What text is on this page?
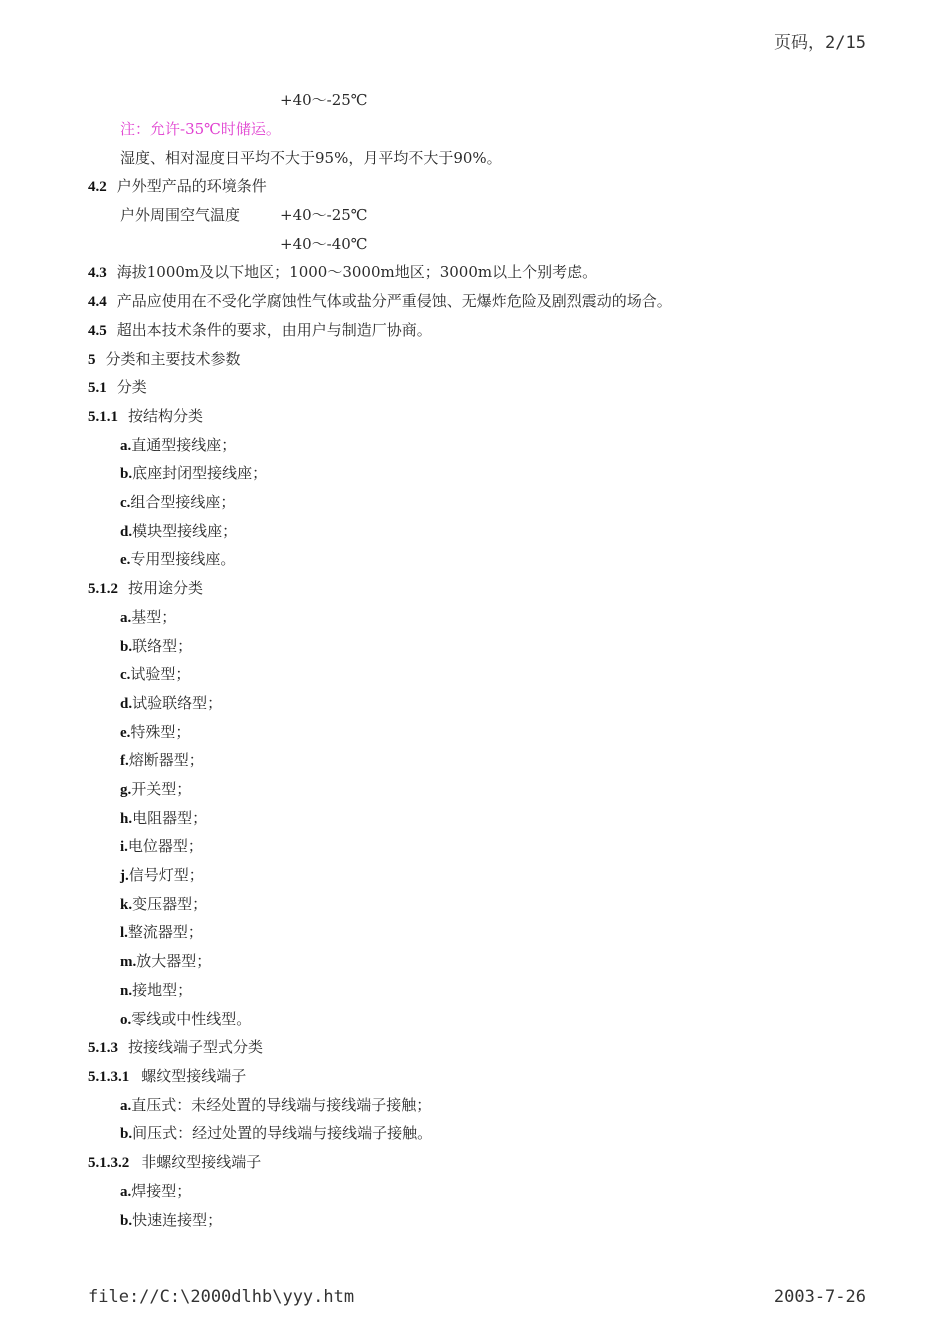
页码，2/15
+40～-25℃
注：允许-35℃时储运。
湿度、相对湿度日平均不大于95%，月平均不大于90%。
4.2 户外型产品的环境条件
户外周围空气温度	+40～-25℃
+40～-40℃
4.3 海拔1000m及以下地区；1000～3000m地区；3000m以上个别考虑。
4.4 产品应使用在不受化学腐蚀性气体或盐分严重侵蚀、无爆炸危险及剧烈震动的场合。
4.5 超出本技术条件的要求，由用户与制造厂协商。
5 分类和主要技术参数
5.1 分类
5.1.1 按结构分类
a.直通型接线座；
b.底座封闭型接线座；
c.组合型接线座；
d.模块型接线座；
e.专用型接线座。
5.1.2 按用途分类
a.基型；
b.联络型；
c.试验型；
d.试验联络型；
e.特殊型；
f.熔断器型；
g.开关型；
h.电阻器型；
i.电位器型；
j.信号灯型；
k.变压器型；
l.整流器型；
m.放大器型；
n.接地型；
o.零线或中性线型。
5.1.3 按接线端子型式分类
5.1.3.1 螺纹型接线端子
a.直压式：未经处置的导线端与接线端子接触；
b.间压式：经过处置的导线端与接线端子接触。
5.1.3.2 非螺纹型接线端子
a.焊接型；
b.快速连接型；
file://C:\2000dlhb\yyy.htm	2003-7-26
